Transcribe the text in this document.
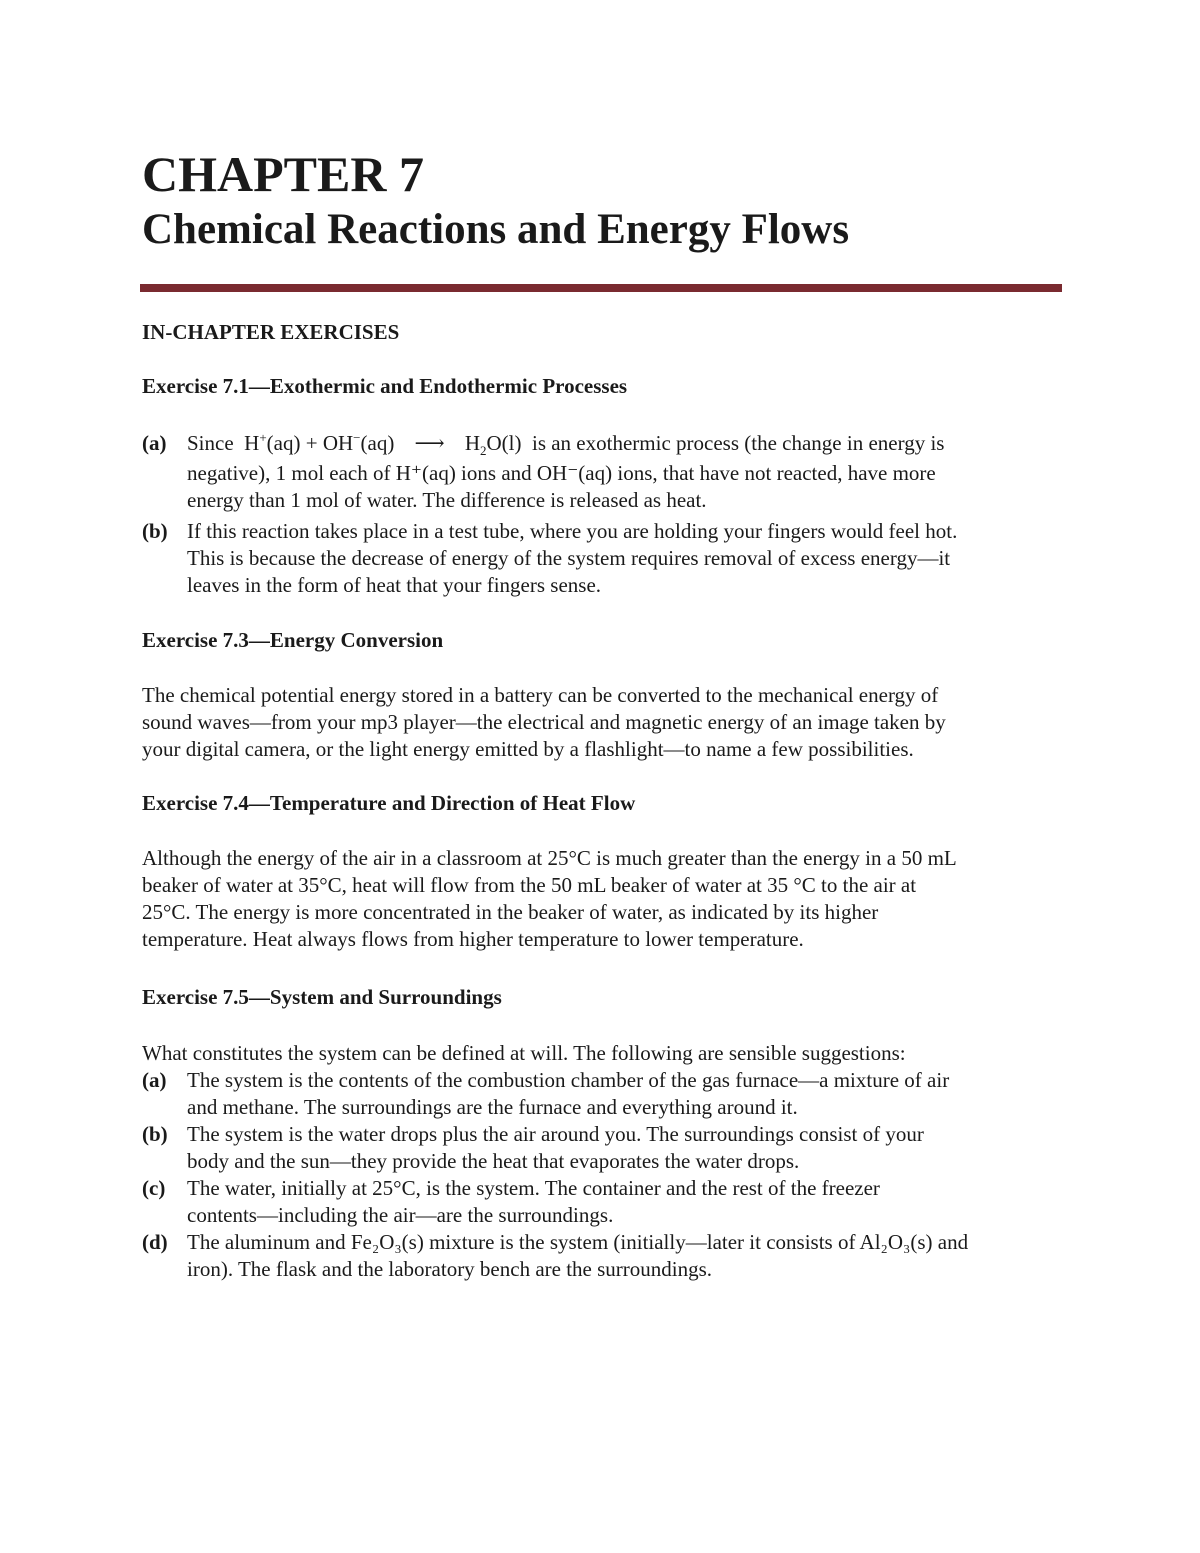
CHAPTER 7
Chemical Reactions and Energy Flows
IN-CHAPTER EXERCISES
Exercise 7.1—Exothermic and Endothermic Processes
(a) Since H+(aq) + OH−(aq) ⟶ $H_2O(l)$ is an exothermic process (the change in energy is
negative), 1 mol each of H⁺(aq) ions and OH⁻(aq) ions, that have not reacted, have more
energy than 1 mol of water. The difference is released as heat.
(b) If this reaction takes place in a test tube, where you are holding your fingers would feel hot.
This is because the decrease of energy of the system requires removal of excess energy—it
leaves in the form of heat that your fingers sense.
Exercise 7.3—Energy Conversion
The chemical potential energy stored in a battery can be converted to the mechanical energy of
sound waves—from your mp3 player—the electrical and magnetic energy of an image taken by
your digital camera, or the light energy emitted by a flashlight—to name a few possibilities.
Exercise 7.4—Temperature and Direction of Heat Flow
Although the energy of the air in a classroom at 25°C is much greater than the energy in a 50 mL
beaker of water at 35°C, heat will flow from the 50 mL beaker of water at 35 °C to the air at
25°C. The energy is more concentrated in the beaker of water, as indicated by its higher
temperature. Heat always flows from higher temperature to lower temperature.
Exercise 7.5—System and Surroundings
What constitutes the system can be defined at will. The following are sensible suggestions:
(a) The system is the contents of the combustion chamber of the gas furnace—a mixture of air
and methane. The surroundings are the furnace and everything around it.
(b) The system is the water drops plus the air around you. The surroundings consist of your
body and the sun—they provide the heat that evaporates the water drops.
(c) The water, initially at 25°C, is the system. The container and the rest of the freezer
contents—including the air—are the surroundings.
(d) The aluminum and Fe₂O₃(s) mixture is the system (initially—later it consists of Al₂O₃(s) and
iron). The flask and the laboratory bench are the surroundings.
